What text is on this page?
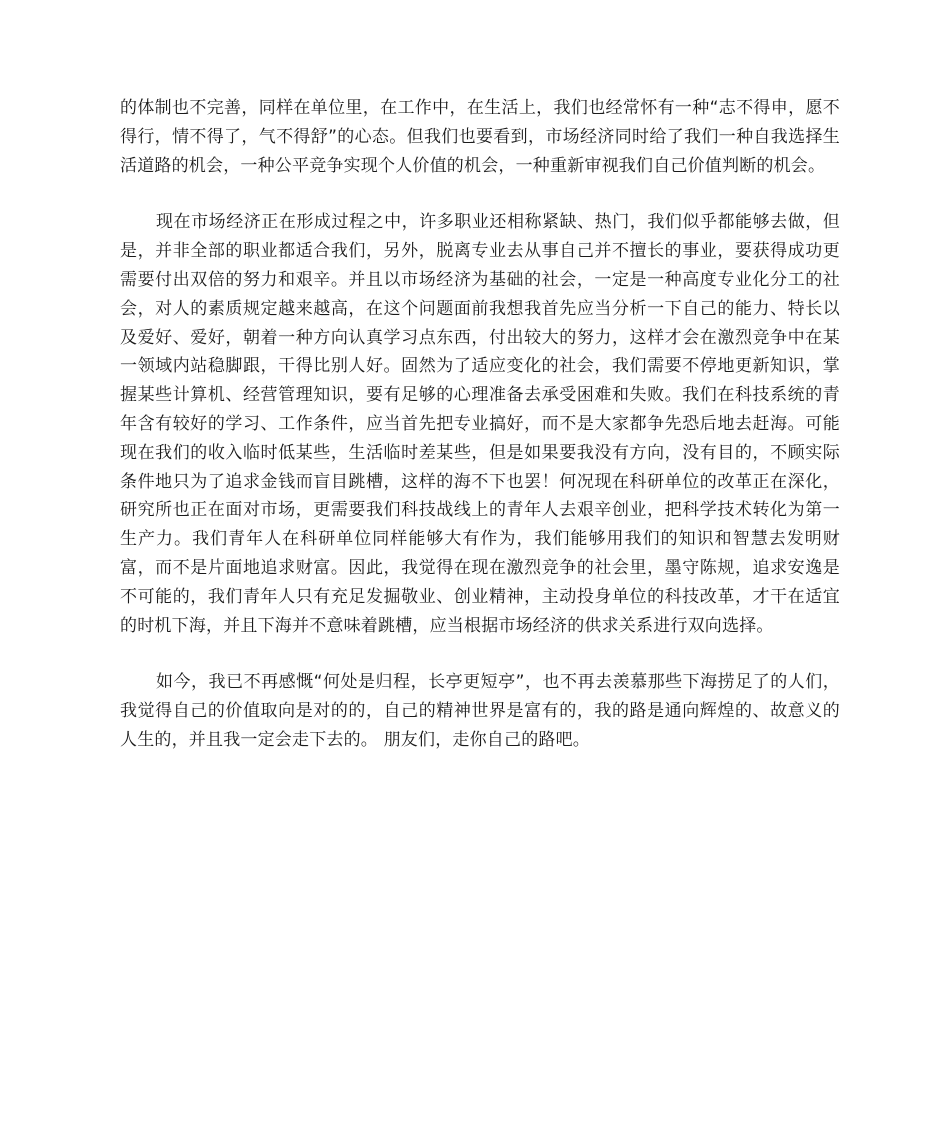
的体制也不完善，同样在单位里，在工作中，在生活上，我们也经常怀有一种“志不得申，愿不得行，情不得了，气不得舒”的心态。但我们也要看到，市场经济同时给了我们一种自我选择生活道路的机会，一种公平竞争实现个人价值的机会，一种重新审视我们自己价值判断的机会。

现在市场经济正在形成过程之中，许多职业还相称紧缺、热门，我们似乎都能够去做，但是，并非全部的职业都适合我们，另外，脱离专业去从事自己并不擅长的事业，要获得成功更需要付出双倍的努力和艰辛。并且以市场经济为基础的社会，一定是一种高度专业化分工的社会，对人的素质规定越来越高，在这个问题面前我想我首先应当分析一下自己的能力、特长以及爱好、爱好，朝着一种方向认真学习点东西，付出较大的努力，这样才会在激烈竞争中在某一领域内站稳脚跟，干得比别人好。固然为了适应变化的社会，我们需要不停地更新知识，掌握某些计算机、经营管理知识，要有足够的心理准备去承受困难和失败。我们在科技系统的青年含有较好的学习、工作条件，应当首先把专业搞好，而不是大家都争先恐后地去赶海。可能现在我们的收入临时低某些，生活临时差某些，但是如果要我没有方向，没有目的，不顾实际条件地只为了追求金钱而盲目跳槽，这样的海不下也罢！何况现在科研单位的改革正在深化，研究所也正在面对市场，更需要我们科技战线上的青年人去艰辛创业，把科学技术转化为第一生产力。我们青年人在科研单位同样能够大有作为，我们能够用我们的知识和智慧去发明财富，而不是片面地追求财富。因此，我觉得在现在激烈竞争的社会里，墨守陈规，追求安逸是不可能的，我们青年人只有充足发掘敬业、创业精神，主动投身单位的科技改革，才干在适宜的时机下海，并且下海并不意味着跳槽，应当根据市场经济的供求关系进行双向选择。

如今，我已不再感慨“何处是归程，长亭更短亭”，也不再去羡慕那些下海捞足了的人们，我觉得自己的价值取向是对的的，自己的精神世界是富有的，我的路是通向辉煌的、故意义的人生的，并且我一定会走下去的。 朋友们，走你自己的路吧。
